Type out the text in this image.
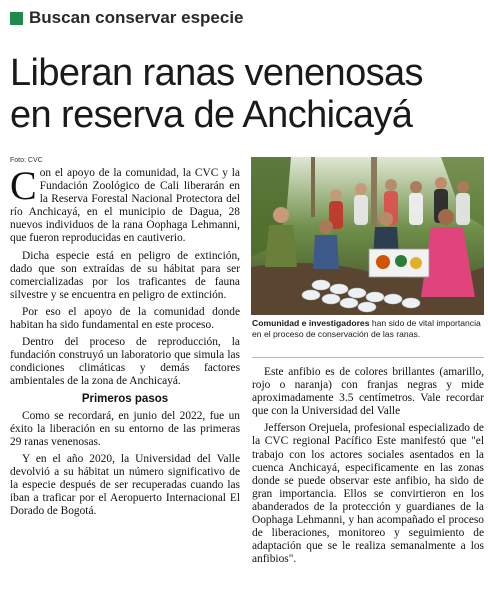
Buscan conservar especie
Liberan ranas venenosas
en reserva de Anchicayá
Foto: CVC

Con el apoyo de la comunidad, la CVC y la Fundación Zoológico de Cali liberarán en la Reserva Forestal Nacional Protectora del río Anchicayá, en el municipio de Dagua, 28 nuevos individuos de la rana Oophaga Lehmanni, que fueron reproducidas en cautiverio.

Dicha especie está en peligro de extinción, dado que son extraídas de su hábitat para ser comercializadas por los traficantes de fauna silvestre y se encuentra en peligro de extinción.

Por eso el apoyo de la comunidad donde habitan ha sido fundamental en este proceso.

Dentro del proceso de reproducción, la fundación construyó un laboratorio que simula las condiciones climáticas y demás factores ambientales de la zona de Anchicayá.

Primeros pasos

Como se recordará, en junio del 2022, fue un éxito la liberación en su entorno de las primeras 29 ranas venenosas.

Y en el año 2020, la Universidad del Valle devolvió a su hábitat un número significativo de la especie después de ser recuperadas cuando las iban a traficar por el Aeropuerto Internacional El Dorado de Bogotá.

Comunidad e investigadores han sido de vital importancia en el proceso de conservación de las ranas.

Este anfibio es de colores brillantes (amarillo, rojo o naranja) con franjas negras y mide aproximadamente 3.5 centímetros. Vale recordar que con la Universidad del Valle

Jefferson Orejuela, profesional especializado de la CVC regional Pacífico Este manifestó que "el trabajo con los actores sociales asentados en la cuenca Anchicayá, especificamente en las zonas donde se puede observar este anfibio, ha sido de gran importancia. Ellos se convirtieron en los abanderados de la protección y guardianes de la Oophaga Lehmanni, y han acompañado el proceso de liberaciones, monitoreo y seguimiento de adaptación que se le realiza semanalmente a los anfibios".
